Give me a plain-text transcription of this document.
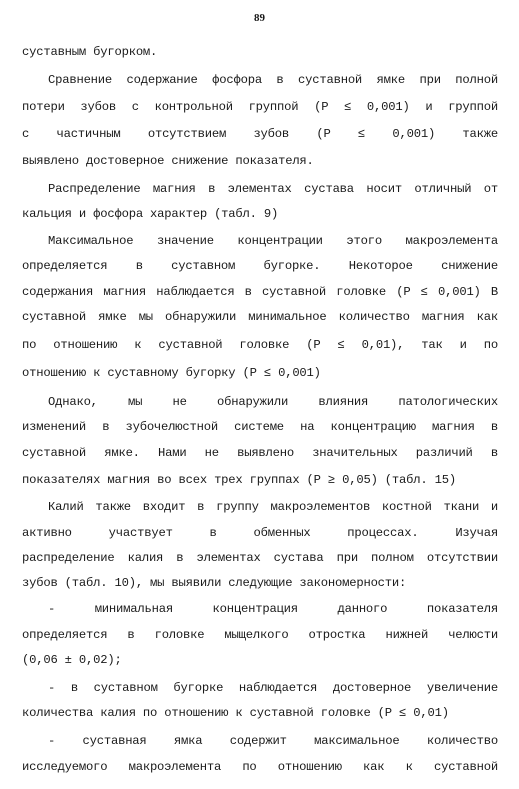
89
суставным бугорком.
Сравнение содержание фосфора в суставной ямке при полной
потери зубов с контрольной группой (Р ≤ 0,001) и группой
с частичным отсутствием зубов (Р ≤ 0,001) также
выявлено достоверное снижение показателя.
Распределение магния в элементах сустава носит отличный от
кальция и фосфора характер (табл. 9)
Максимальное значение концентрации этого макроэлемента
определяется в суставном бугорке. Некоторое снижение
содержания магния наблюдается в суставной головке (Р ≤ 0,001) В
суставной ямке мы обнаружили минимальное количество магния как
по отношению к суставной головке (Р ≤ 0,01), так и по
отношению к суставному бугорку (Р ≤ 0,001)
Однако, мы не обнаружили влияния патологических
изменений в зубочелюстной системе на концентрацию магния в
суставной ямке. Нами не выявлено значительных различий в
показателях магния во всех трех группах (Р ≥ 0,05) (табл. 15)
Калий также входит в группу макроэлементов костной ткани и
активно участвует в обменных процессах. Изучая
распределение калия в элементах сустава при полном отсутствии
зубов (табл. 10), мы выявили следующие закономерности:
- минимальная концентрация данного показателя
определяется в головке мыщелкого отростка нижней челюсти
(0,06 ± 0,02);
- в суставном бугорке наблюдается достоверное увеличение
количества калия по отношению к суставной головке (Р ≤ 0,01)
- суставная ямка содержит максимальное количество
исследуемого макроэлемента по отношению как к суставной
